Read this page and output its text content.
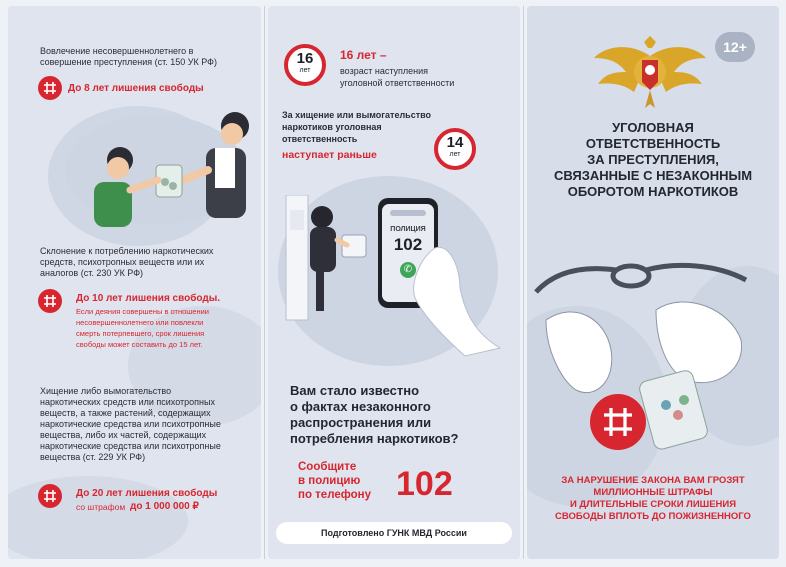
Вовлечение несовершеннолетнего в
совершение преступления (ст. 150 УК РФ)
До 8 лет лишения свободы
Склонение к потреблению наркотических
средств, психотропных веществ или их
аналогов (ст. 230 УК РФ)
До 10 лет лишения свободы.
Если деяния совершены в отношении
несовершеннолетнего или повлекли
смерть потерпевшего, срок лишения
свободы может составить до 15 лет.
Хищение либо вымогательство
наркотических средств или психотропных
веществ, а также растений, содержащих
наркотические средства или психотропные
вещества, либо их частей, содержащих
наркотические средства или психотропные
вещества (ст. 229 УК РФ)
До 20 лет лишения свободы
со штрафом до 1 000 000 ₽
16
лет
16 лет –
возраст наступления
уголовной ответственности
За хищение или вымогательство
наркотиков уголовная
ответственность
наступает раньше
14
лет
ПОЛИЦИЯ
102
✆
Вам стало известно
о фактах незаконного
распространения или
потребления наркотиков?
Сообщите
в полицию
по телефону 102
Подготовлено ГУНК МВД России
12+
УГОЛОВНАЯ
ОТВЕТСТВЕННОСТЬ
ЗА ПРЕСТУПЛЕНИЯ,
СВЯЗАННЫЕ С НЕЗАКОННЫМ
ОБОРОТОМ НАРКОТИКОВ
ЗА НАРУШЕНИЕ ЗАКОНА ВАМ ГРОЗЯТ
МИЛЛИОННЫЕ ШТРАФЫ
И ДЛИТЕЛЬНЫЕ СРОКИ ЛИШЕНИЯ
СВОБОДЫ ВПЛОТЬ ДО ПОЖИЗНЕННОГО
